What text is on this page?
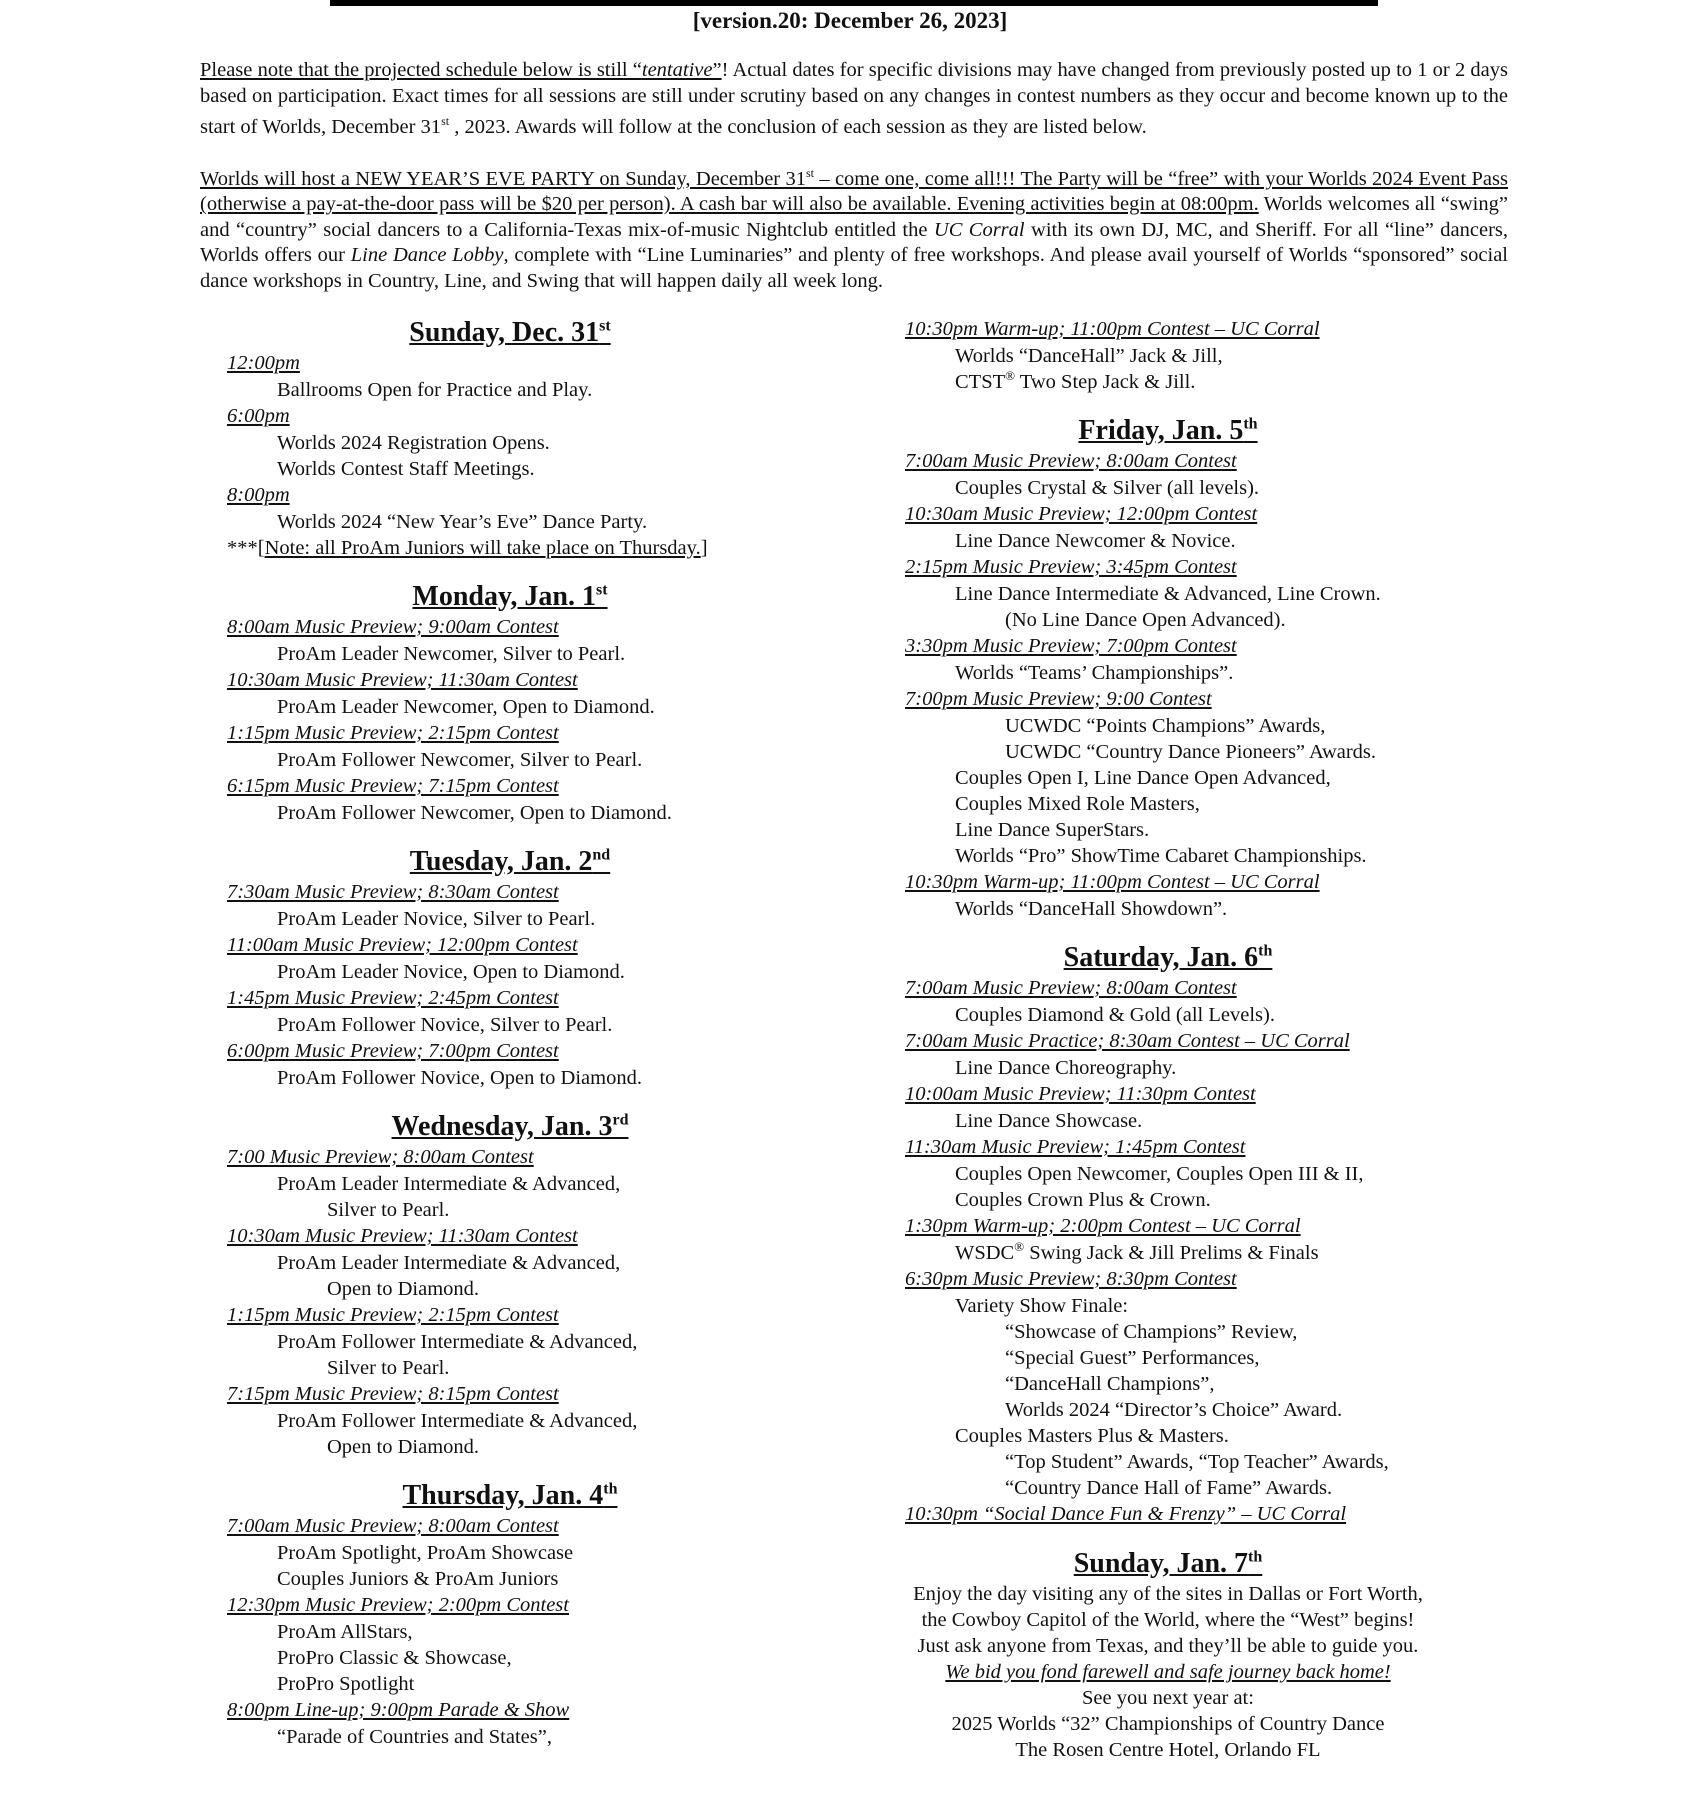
[version.20: December 26, 2023]

Please note that the projected schedule below is still “tentative”! Actual dates for specific divisions may have changed from previously posted up to 1 or 2 days based on participation. Exact times for all sessions are still under scrutiny based on any changes in contest numbers as they occur and become known up to the start of Worlds, December 31st , 2023. Awards will follow at the conclusion of each session as they are listed below.

Worlds will host a NEW YEAR’S EVE PARTY on Sunday, December 31st – come one, come all!!! The Party will be “free” with your Worlds 2024 Event Pass (otherwise a pay-at-the-door pass will be $20 per person). A cash bar will also be available. Evening activities begin at 08:00pm. Worlds welcomes all “swing” and “country” social dancers to a California-Texas mix-of-music Nightclub entitled the UC Corral with its own DJ, MC, and Sheriff. For all “line” dancers, Worlds offers our Line Dance Lobby, complete with “Line Luminaries” and plenty of free workshops. And please avail yourself of Worlds “sponsored” social dance workshops in Country, Line, and Swing that will happen daily all week long.

Sunday, Dec. 31st
12:00pm
Ballrooms Open for Practice and Play.
6:00pm
Worlds 2024 Registration Opens.
Worlds Contest Staff Meetings.
8:00pm
Worlds 2024 “New Year’s Eve” Dance Party.
***[Note: all ProAm Juniors will take place on Thursday.]
Monday, Jan. 1st
8:00am Music Preview; 9:00am Contest
ProAm Leader Newcomer, Silver to Pearl.
10:30am Music Preview; 11:30am Contest
ProAm Leader Newcomer, Open to Diamond.
1:15pm Music Preview; 2:15pm Contest
ProAm Follower Newcomer, Silver to Pearl.
6:15pm Music Preview; 7:15pm Contest
ProAm Follower Newcomer, Open to Diamond.
Tuesday, Jan. 2nd
7:30am Music Preview; 8:30am Contest
ProAm Leader Novice, Silver to Pearl.
11:00am Music Preview; 12:00pm Contest
ProAm Leader Novice, Open to Diamond.
1:45pm Music Preview; 2:45pm Contest
ProAm Follower Novice, Silver to Pearl.
6:00pm Music Preview; 7:00pm Contest
ProAm Follower Novice, Open to Diamond.
Wednesday, Jan. 3rd
7:00 Music Preview; 8:00am Contest
ProAm Leader Intermediate & Advanced,
Silver to Pearl.
10:30am Music Preview; 11:30am Contest
ProAm Leader Intermediate & Advanced,
Open to Diamond.
1:15pm Music Preview; 2:15pm Contest
ProAm Follower Intermediate & Advanced,
Silver to Pearl.
7:15pm Music Preview; 8:15pm Contest
ProAm Follower Intermediate & Advanced,
Open to Diamond.
Thursday, Jan. 4th
7:00am Music Preview; 8:00am Contest
ProAm Spotlight, ProAm Showcase
Couples Juniors & ProAm Juniors
12:30pm Music Preview; 2:00pm Contest
ProAm AllStars,
ProPro Classic & Showcase,
ProPro Spotlight
8:00pm Line-up; 9:00pm Parade & Show
“Parade of Countries and States”,
10:30pm Warm-up; 11:00pm Contest – UC Corral
Worlds “DanceHall” Jack & Jill,
CTST® Two Step Jack & Jill.
Friday, Jan. 5th
7:00am Music Preview; 8:00am Contest
Couples Crystal & Silver (all levels).
10:30am Music Preview; 12:00pm Contest
Line Dance Newcomer & Novice.
2:15pm Music Preview; 3:45pm Contest
Line Dance Intermediate & Advanced, Line Crown.
(No Line Dance Open Advanced).
3:30pm Music Preview; 7:00pm Contest
Worlds “Teams’ Championships”.
7:00pm Music Preview; 9:00 Contest
UCWDC “Points Champions” Awards,
UCWDC “Country Dance Pioneers” Awards.
Couples Open I, Line Dance Open Advanced,
Couples Mixed Role Masters,
Line Dance SuperStars.
Worlds “Pro” ShowTime Cabaret Championships.
10:30pm Warm-up; 11:00pm Contest – UC Corral
Worlds “DanceHall Showdown”.
Saturday, Jan. 6th
7:00am Music Preview; 8:00am Contest
Couples Diamond & Gold (all Levels).
7:00am Music Practice; 8:30am Contest – UC Corral
Line Dance Choreography.
10:00am Music Preview; 11:30pm Contest
Line Dance Showcase.
11:30am Music Preview; 1:45pm Contest
Couples Open Newcomer, Couples Open III & II,
Couples Crown Plus & Crown.
1:30pm Warm-up; 2:00pm Contest – UC Corral
WSDC® Swing Jack & Jill Prelims & Finals
6:30pm Music Preview; 8:30pm Contest
Variety Show Finale:
“Showcase of Champions” Review,
“Special Guest” Performances,
“DanceHall Champions”,
Worlds 2024 “Director’s Choice” Award.
Couples Masters Plus & Masters.
“Top Student” Awards, “Top Teacher” Awards,
“Country Dance Hall of Fame” Awards.
10:30pm “Social Dance Fun & Frenzy” – UC Corral
Sunday, Jan. 7th
Enjoy the day visiting any of the sites in Dallas or Fort Worth,
the Cowboy Capitol of the World, where the “West” begins!
Just ask anyone from Texas, and they’ll be able to guide you.
We bid you fond farewell and safe journey back home!
See you next year at:
2025 Worlds “32” Championships of Country Dance
The Rosen Centre Hotel, Orlando FL
